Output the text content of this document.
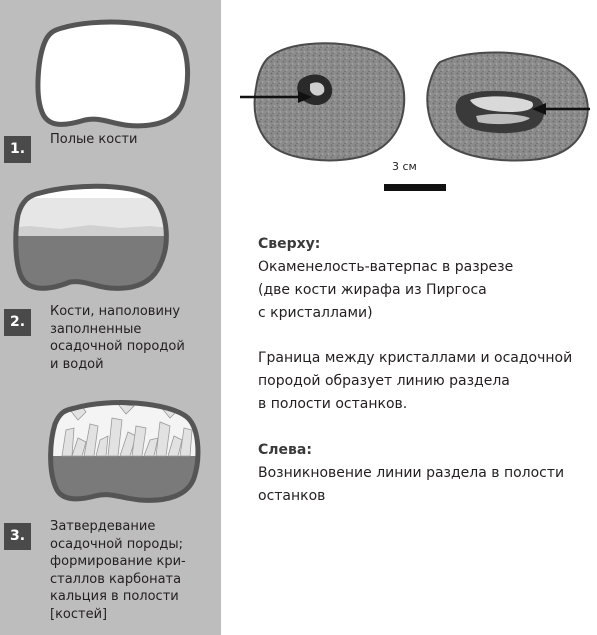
1.
Полые кости
2.
Кости, наполовину
заполненные
осадочной породой
и водой
3.
Затвердевание
осадочной породы;
формирование кри-
сталлов карбоната
кальция в полости
[костей]
3 см
Сверху:
Окаменелость-ватерпас в разрезе
(две кости жирафа из Пиргоса
с кристаллами)
Граница между кристаллами и осадочной
породой образует линию раздела
в полости останков.
Слева:
Возникновение линии раздела в полости
останков
